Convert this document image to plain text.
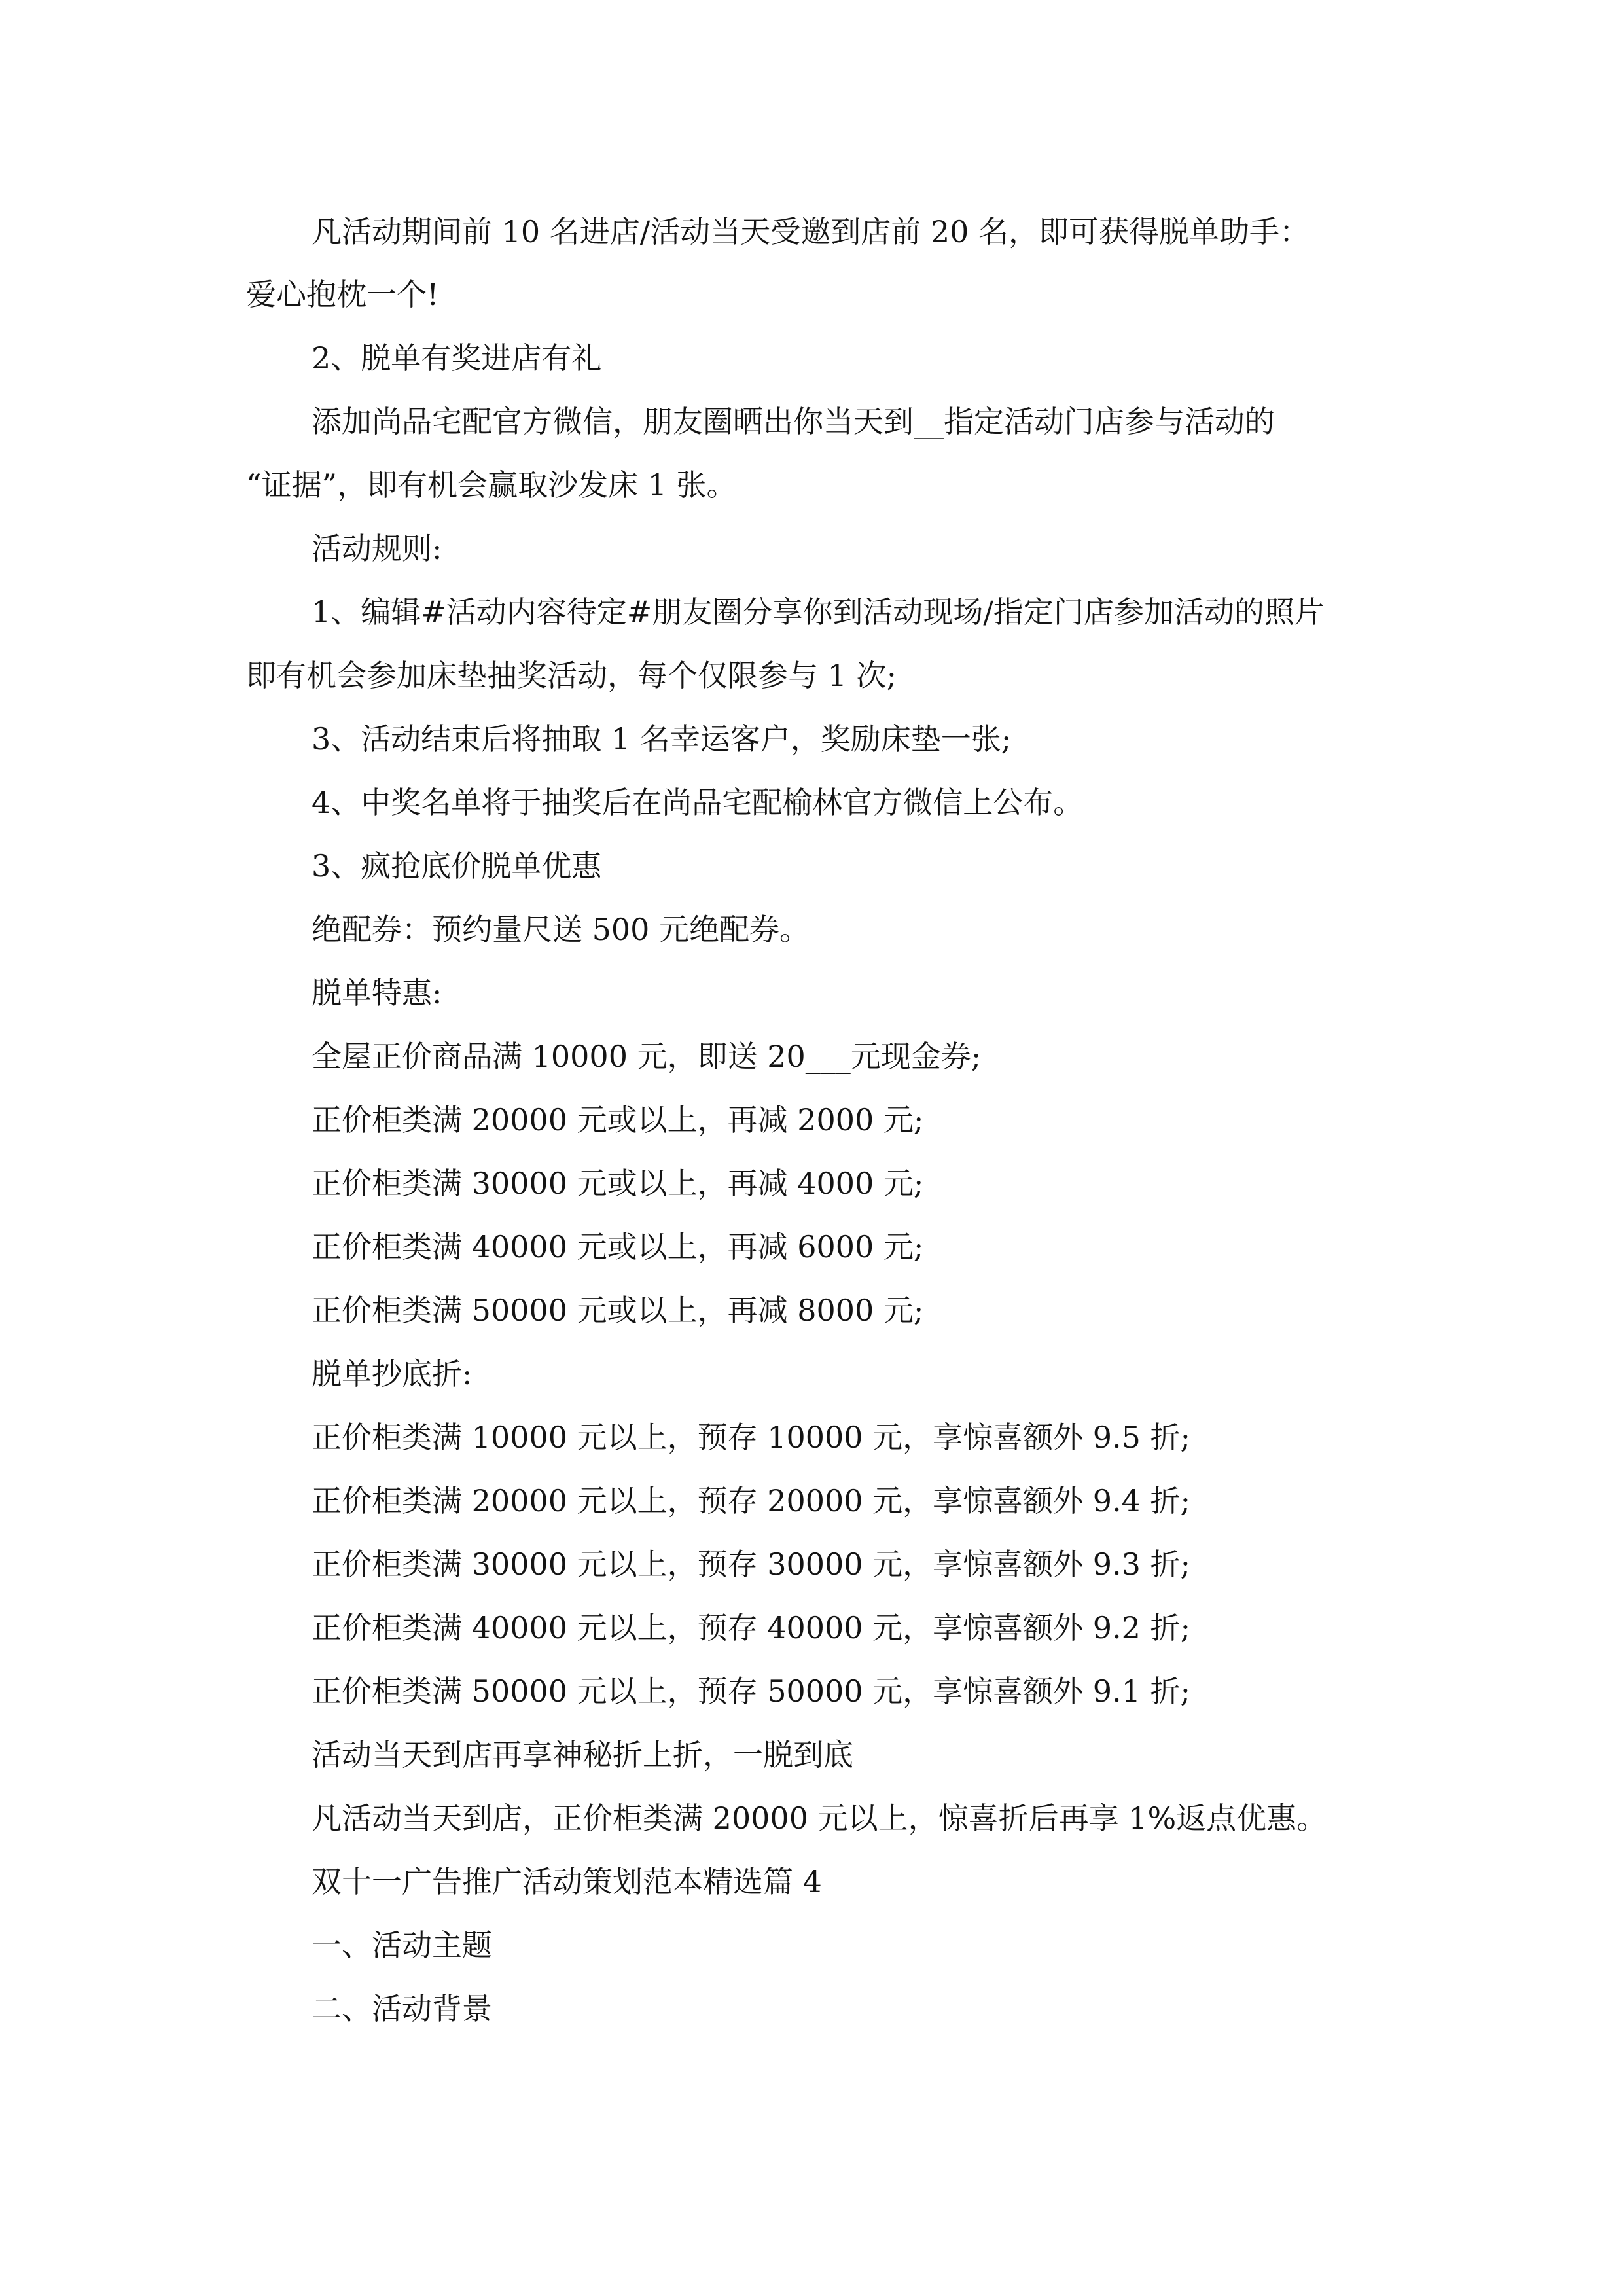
凡活动期间前 10 名进店/活动当天受邀到店前 20 名，即可获得脱单助手：
爱心抱枕一个!
2、脱单有奖进店有礼
添加尚品宅配官方微信，朋友圈晒出你当天到__指定活动门店参与活动的
“证据”，即有机会赢取沙发床 1 张。
活动规则:
1、编辑#活动内容待定#朋友圈分享你到活动现场/指定门店参加活动的照片
即有机会参加床垫抽奖活动，每个仅限参与 1 次;
3、活动结束后将抽取 1 名幸运客户，奖励床垫一张;
4、中奖名单将于抽奖后在尚品宅配榆林官方微信上公布。
3、疯抢底价脱单优惠
绝配券：预约量尺送 500 元绝配券。
脱单特惠:
全屋正价商品满 10000 元，即送 20___元现金券;
正价柜类满 20000 元或以上，再减 2000 元;
正价柜类满 30000 元或以上，再减 4000 元;
正价柜类满 40000 元或以上，再减 6000 元;
正价柜类满 50000 元或以上，再减 8000 元;
脱单抄底折:
正价柜类满 10000 元以上，预存 10000 元，享惊喜额外 9.5 折;
正价柜类满 20000 元以上，预存 20000 元，享惊喜额外 9.4 折;
正价柜类满 30000 元以上，预存 30000 元，享惊喜额外 9.3 折;
正价柜类满 40000 元以上，预存 40000 元，享惊喜额外 9.2 折;
正价柜类满 50000 元以上，预存 50000 元，享惊喜额外 9.1 折;
活动当天到店再享神秘折上折，一脱到底
凡活动当天到店，正价柜类满 20000 元以上，惊喜折后再享 1%返点优惠。
双十一广告推广活动策划范本精选篇 4
一、活动主题
二、活动背景
